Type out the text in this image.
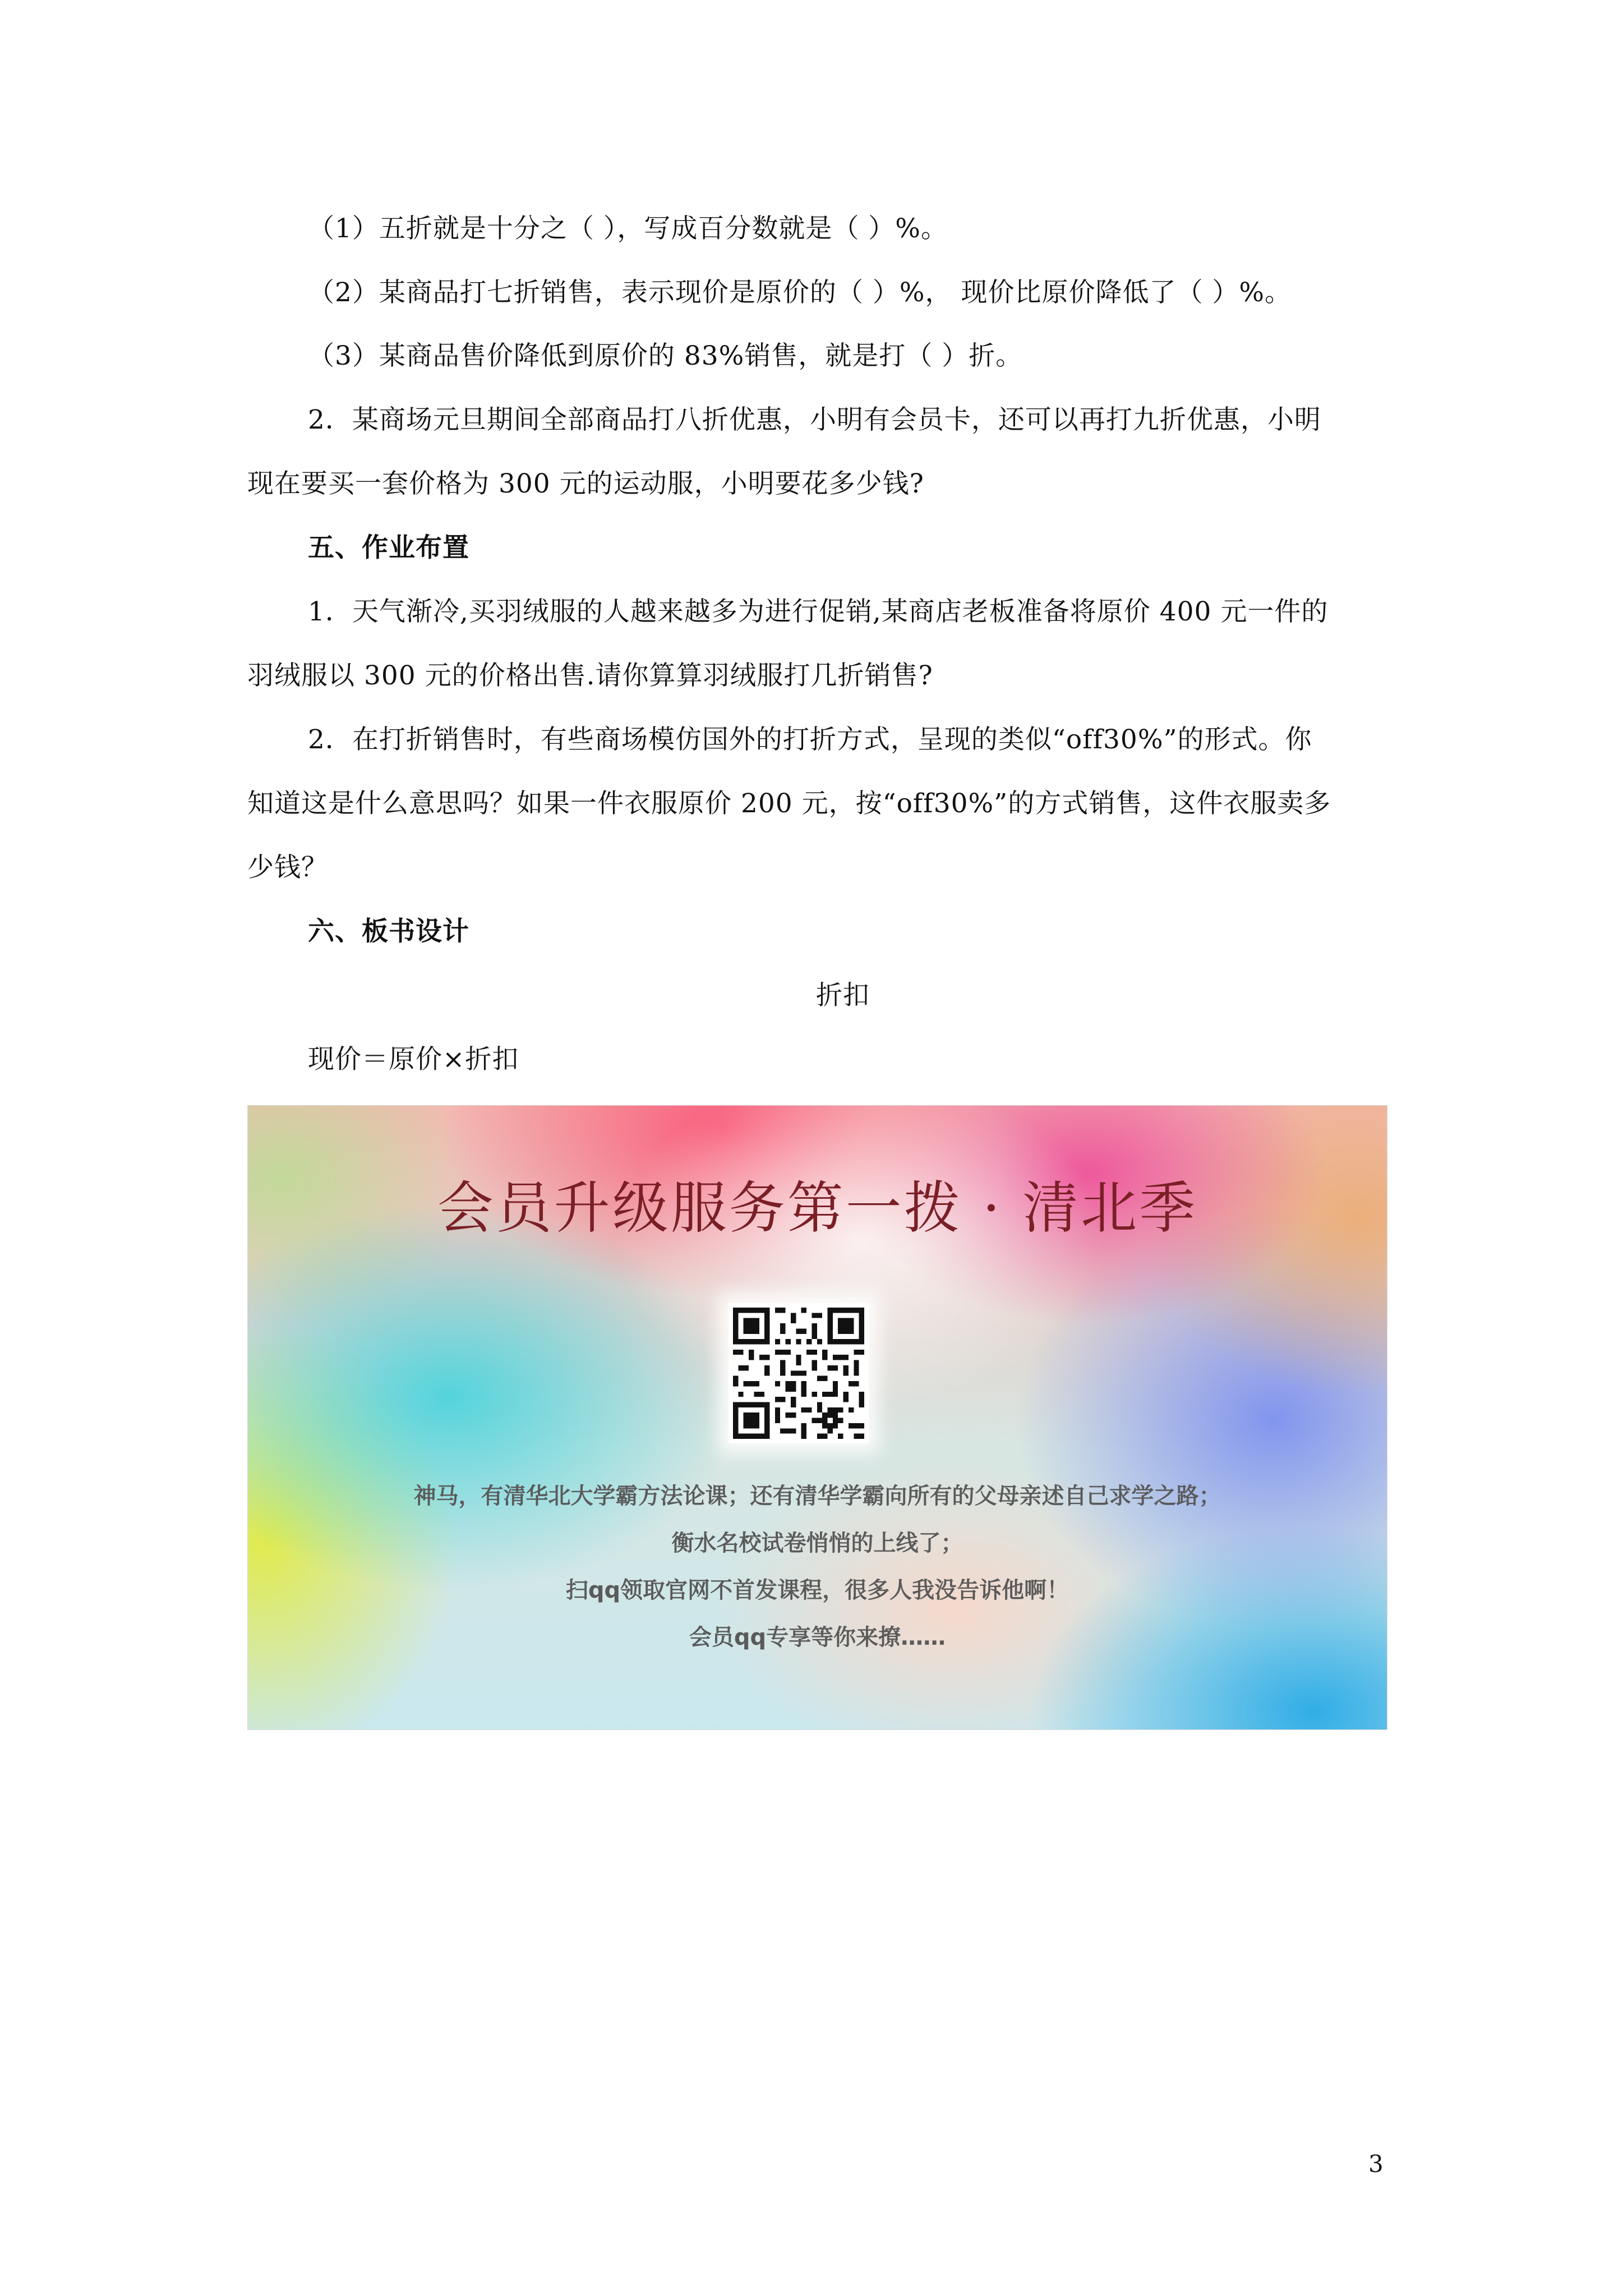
（1）五折就是十分之（ ），写成百分数就是（ ）%。
（2）某商品打七折销售，表示现价是原价的（ ）%， 现价比原价降低了（ ）%。
（3）某商品售价降低到原价的 83%销售，就是打（ ）折。
2．某商场元旦期间全部商品打八折优惠，小明有会员卡，还可以再打九折优惠，小明
现在要买一套价格为 300 元的运动服，小明要花多少钱?
五、作业布置
1．天气渐冷,买羽绒服的人越来越多为进行促销,某商店老板准备将原价 400 元一件的
羽绒服以 300 元的价格出售.请你算算羽绒服打几折销售?
2．在打折销售时，有些商场模仿国外的打折方式，呈现的类似“off30%”的形式。你
知道这是什么意思吗？如果一件衣服原价 200 元，按“off30%”的方式销售，这件衣服卖多
少钱？
六、板书设计
折扣
现价＝原价×折扣
会员升级服务第一拨 · 清北季
神马，有清华北大学霸方法论课；还有清华学霸向所有的父母亲述自己求学之路；
衡水名校试卷悄悄的上线了；
扫qq领取官网不首发课程，很多人我没告诉他啊！
会员qq专享等你来撩……
3
